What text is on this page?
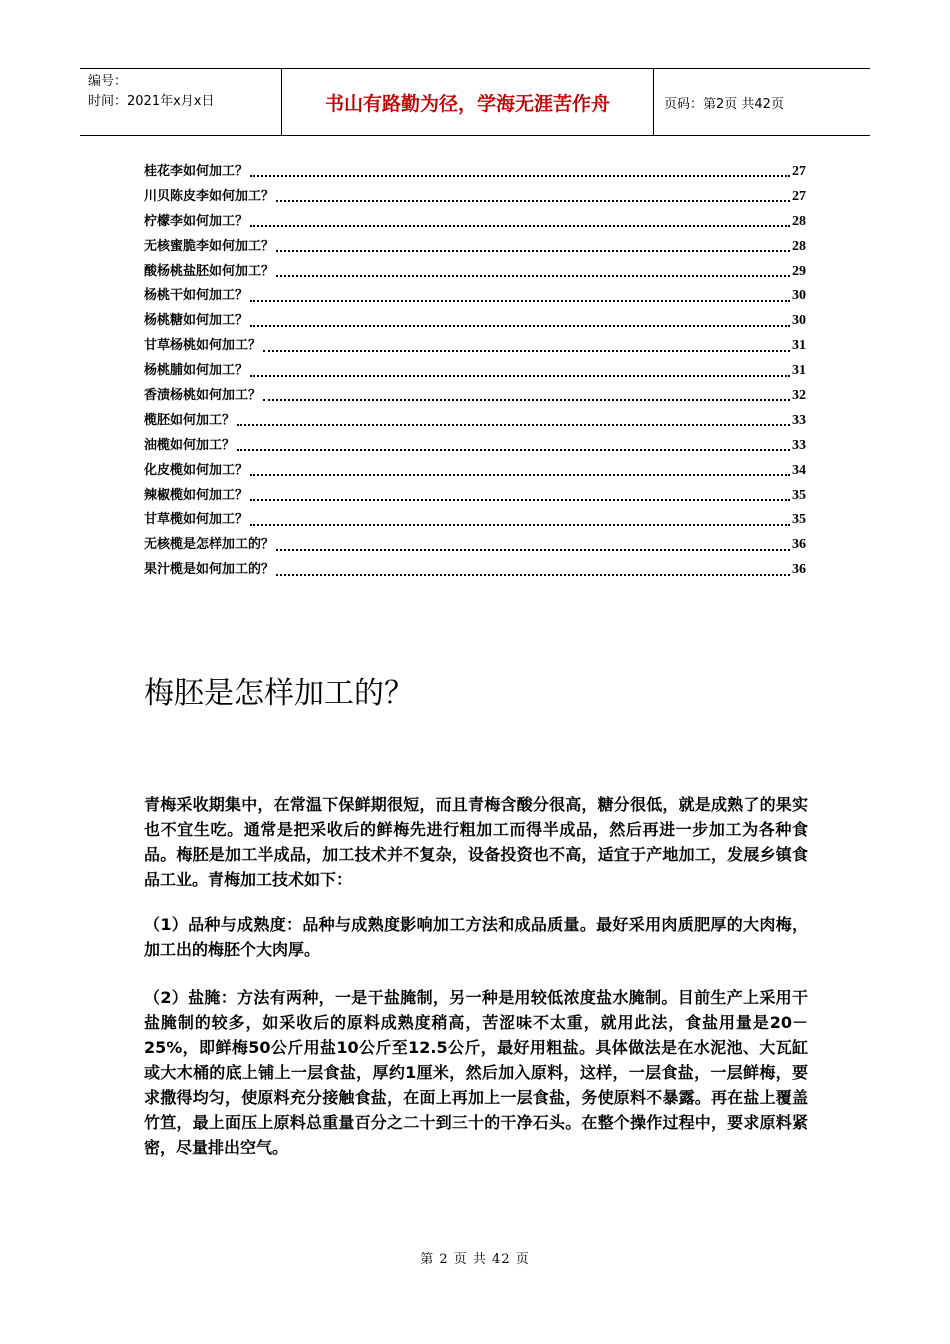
编号：
时间：2021年x月x日	书山有路勤为径，学海无涯苦作舟	页码：第2页 共42页
桂花李如何加工？	27
川贝陈皮李如何加工？	27
柠檬李如何加工？	28
无核蜜脆李如何加工？	28
酸杨桃盐胚如何加工？	29
杨桃干如何加工？	30
杨桃糖如何加工？	30
甘草杨桃如何加工？	31
杨桃脯如何加工？	31
香渍杨桃如何加工？	32
榄胚如何加工？	33
油榄如何加工？	33
化皮榄如何加工？	34
辣椒榄如何加工？	35
甘草榄如何加工？	35
无核榄是怎样加工的？	36
果汁榄是如何加工的？	36
梅胚是怎样加工的？

青梅采收期集中，在常温下保鲜期很短，而且青梅含酸分很高，糖分很低，就是成熟了的果实也不宜生吃。通常是把采收后的鲜梅先进行粗加工而得半成品，然后再进一步加工为各种食品。梅胚是加工半成品，加工技术并不复杂，设备投资也不高，适宜于产地加工，发展乡镇食品工业。青梅加工技术如下：

（1）品种与成熟度：品种与成熟度影响加工方法和成品质量。最好采用肉质肥厚的大肉梅，加工出的梅胚个大肉厚。

（2）盐腌：方法有两种，一是干盐腌制，另一种是用较低浓度盐水腌制。目前生产上采用干盐腌制的较多，如采收后的原料成熟度稍高，苦涩味不太重，就用此法，食盐用量是20－25%，即鲜梅50公斤用盐10公斤至12.5公斤，最好用粗盐。具体做法是在水泥池、大瓦缸或大木桶的底上铺上一层食盐，厚约1厘米，然后加入原料，这样，一层食盐，一层鲜梅，要求撒得均匀，使原料充分接触食盐，在面上再加上一层食盐，务使原料不暴露。再在盐上覆盖竹笪，最上面压上原料总重量百分之二十到三十的干净石头。在整个操作过程中，要求原料紧密，尽量排出空气。

第 2 页 共 42 页
